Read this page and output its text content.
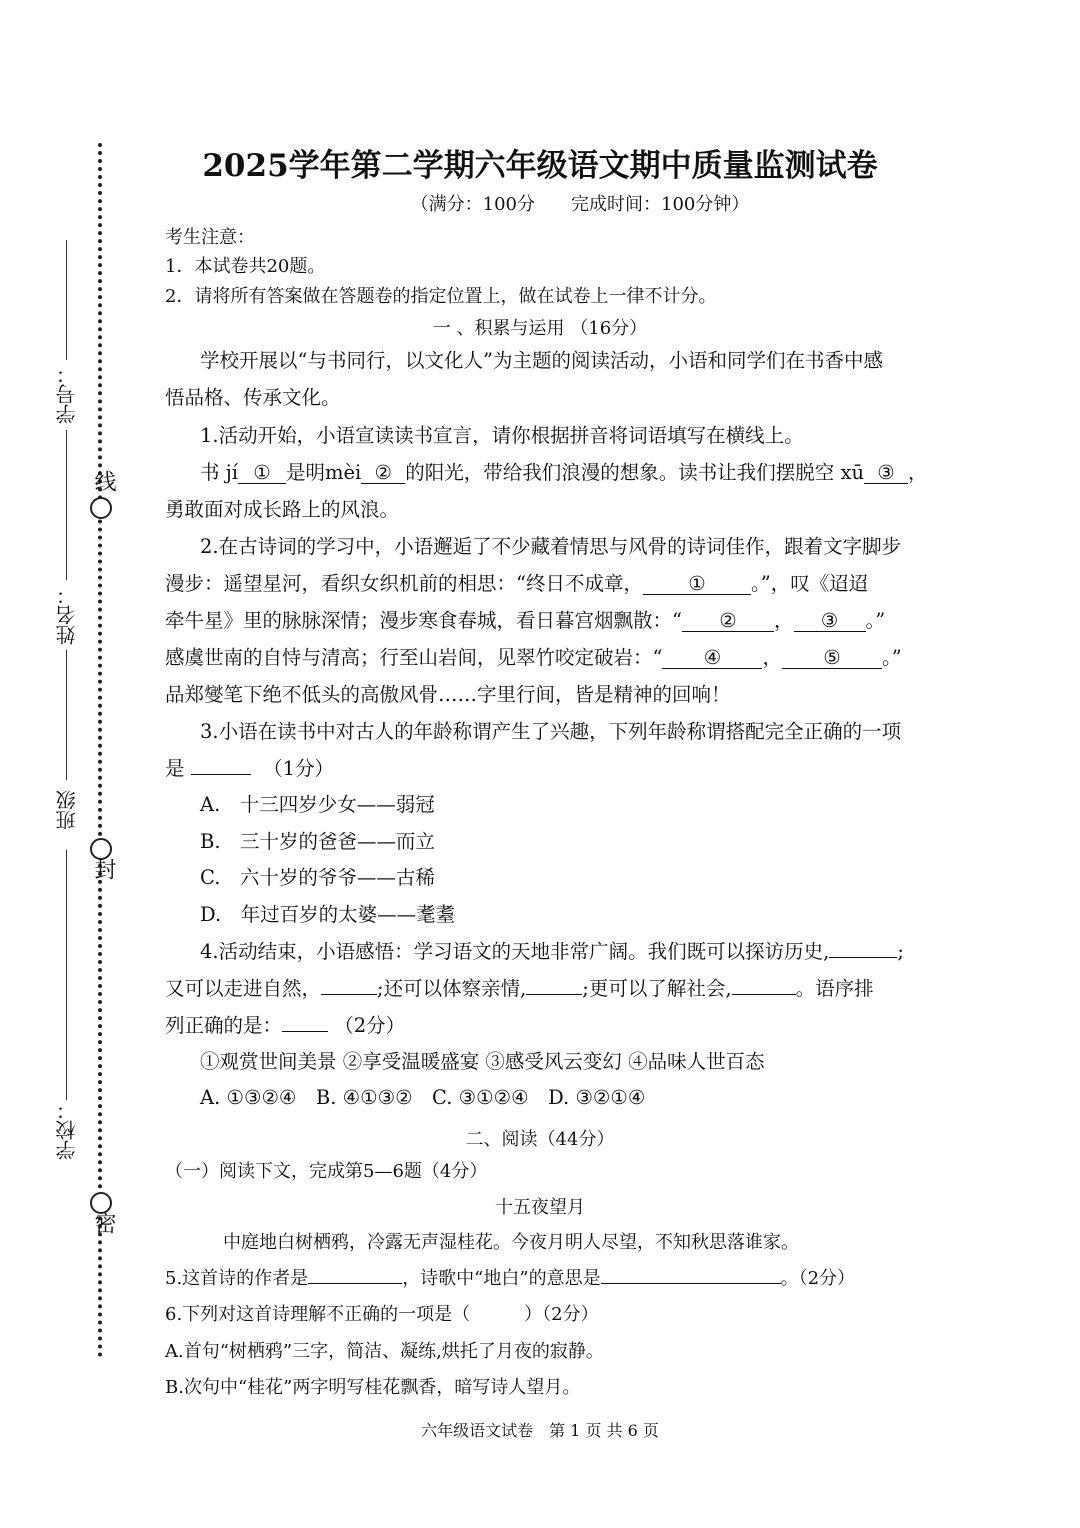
线
封
密
学号：
姓名：
班级
学校：
2025学年第二学期六年级语文期中质量监测试卷
（满分：100分　　完成时间：100分钟）
考生注意：
1．本试卷共20题。
2．请将所有答案做在答题卷的指定位置上，做在试卷上一律不计分。
一 、积累与运用 （16分）
学校开展以“与书同行，以文化人”为主题的阅读活动，小语和同学们在书香中感
悟品格、传承文化。
1.活动开始，小语宣读读书宣言，请你根据拼音将词语填写在横线上。
书 jí ① 是明mèi ② 的阳光，带给我们浪漫的想象。读书让我们摆脱空 xū ③ ，
勇敢面对成长路上的风浪。
2.在古诗词的学习中，小语邂逅了不少藏着情思与风骨的诗词佳作，跟着文字脚步
漫步：遥望星河，看织女织机前的相思：“终日不成章， ① 。”，叹《迢迢
牵牛星》里的脉脉深情；漫步寒食春城，看日暮宫烟飘散：“ ② ， ③ 。”
感虞世南的自恃与清高；行至山岩间，见翠竹咬定破岩：“ ④ ， ⑤ 。”
品郑燮笔下绝不低头的高傲风骨……字里行间，皆是精神的回响！
3.小语在读书中对古人的年龄称谓产生了兴趣，下列年龄称谓搭配完全正确的一项
是	（1分）
A.　十三四岁少女——弱冠
B.　三十岁的爸爸——而立
C.　六十岁的爷爷——古稀
D.　年过百岁的太婆——耄耋
4.活动结束，小语感悟：学习语文的天地非常广阔。我们既可以探访历史,	;
又可以走进自然，	;还可以体察亲情,	;更可以了解社会,	。语序排
列正确的是：	（2分）
①观赏世间美景 ②享受温暖盛宴 ③感受风云变幻 ④品味人世百态
A. ①③②④　B. ④①③②　C. ③①②④　D. ③②①④
二、阅读（44分）
（一）阅读下文，完成第5—6题（4分）
十五夜望月
中庭地白树栖鸦，冷露无声湿桂花。今夜月明人尽望，不知秋思落谁家。
5.这首诗的作者是	，诗歌中“地白”的意思是	。（2分）
6.下列对这首诗理解不正确的一项是（　　　）（2分）
A.首句“树栖鸦”三字，简洁、凝练,烘托了月夜的寂静。
B.次句中“桂花”两字明写桂花飘香，暗写诗人望月。
六年级语文试卷　第 1 页 共 6 页
